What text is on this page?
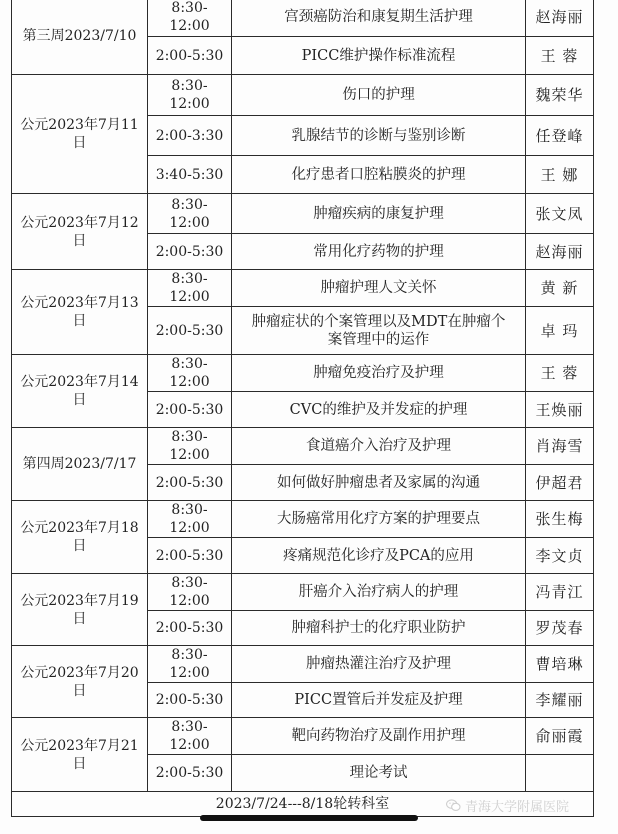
第三周2023/7/10	8:30-12:00	宫颈癌防治和康复期生活护理	赵海丽
	2:00-5:30	PICC维护操作标准流程	王 蓉
公元2023年7月11日	8:30-12:00	伤口的护理	魏荣华
	2:00-3:30	乳腺结节的诊断与鉴别诊断	任登峰
	3:40-5:30	化疗患者口腔粘膜炎的护理	王 娜
公元2023年7月12日	8:30-12:00	肿瘤疾病的康复护理	张文凤
	2:00-5:30	常用化疗药物的护理	赵海丽
公元2023年7月13日	8:30-12:00	肿瘤护理人文关怀	黄 新
	2:00-5:30	肿瘤症状的个案管理以及MDT在肿瘤个案管理中的运作	卓 玛
公元2023年7月14日	8:30-12:00	肿瘤免疫治疗及护理	王 蓉
	2:00-5:30	CVC的维护及并发症的护理	王焕丽
第四周2023/7/17	8:30-12:00	食道癌介入治疗及护理	肖海雪
	2:00-5:30	如何做好肿瘤患者及家属的沟通	伊超君
公元2023年7月18日	8:30-12:00	大肠癌常用化疗方案的护理要点	张生梅
	2:00-5:30	疼痛规范化诊疗及PCA的应用	李文贞
公元2023年7月19日	8:30-12:00	肝癌介入治疗病人的护理	冯青江
	2:00-5:30	肿瘤科护士的化疗职业防护	罗茂春
公元2023年7月20日	8:30-12:00	肿瘤热灌注治疗及护理	曹培琳
	2:00-5:30	PICC置管后并发症及护理	李耀丽
公元2023年7月21日	8:30-12:00	靶向药物治疗及副作用护理	俞丽霞
	2:00-5:30	理论考试	
2023/7/24---8/18轮转科室				青海大学附属医院
